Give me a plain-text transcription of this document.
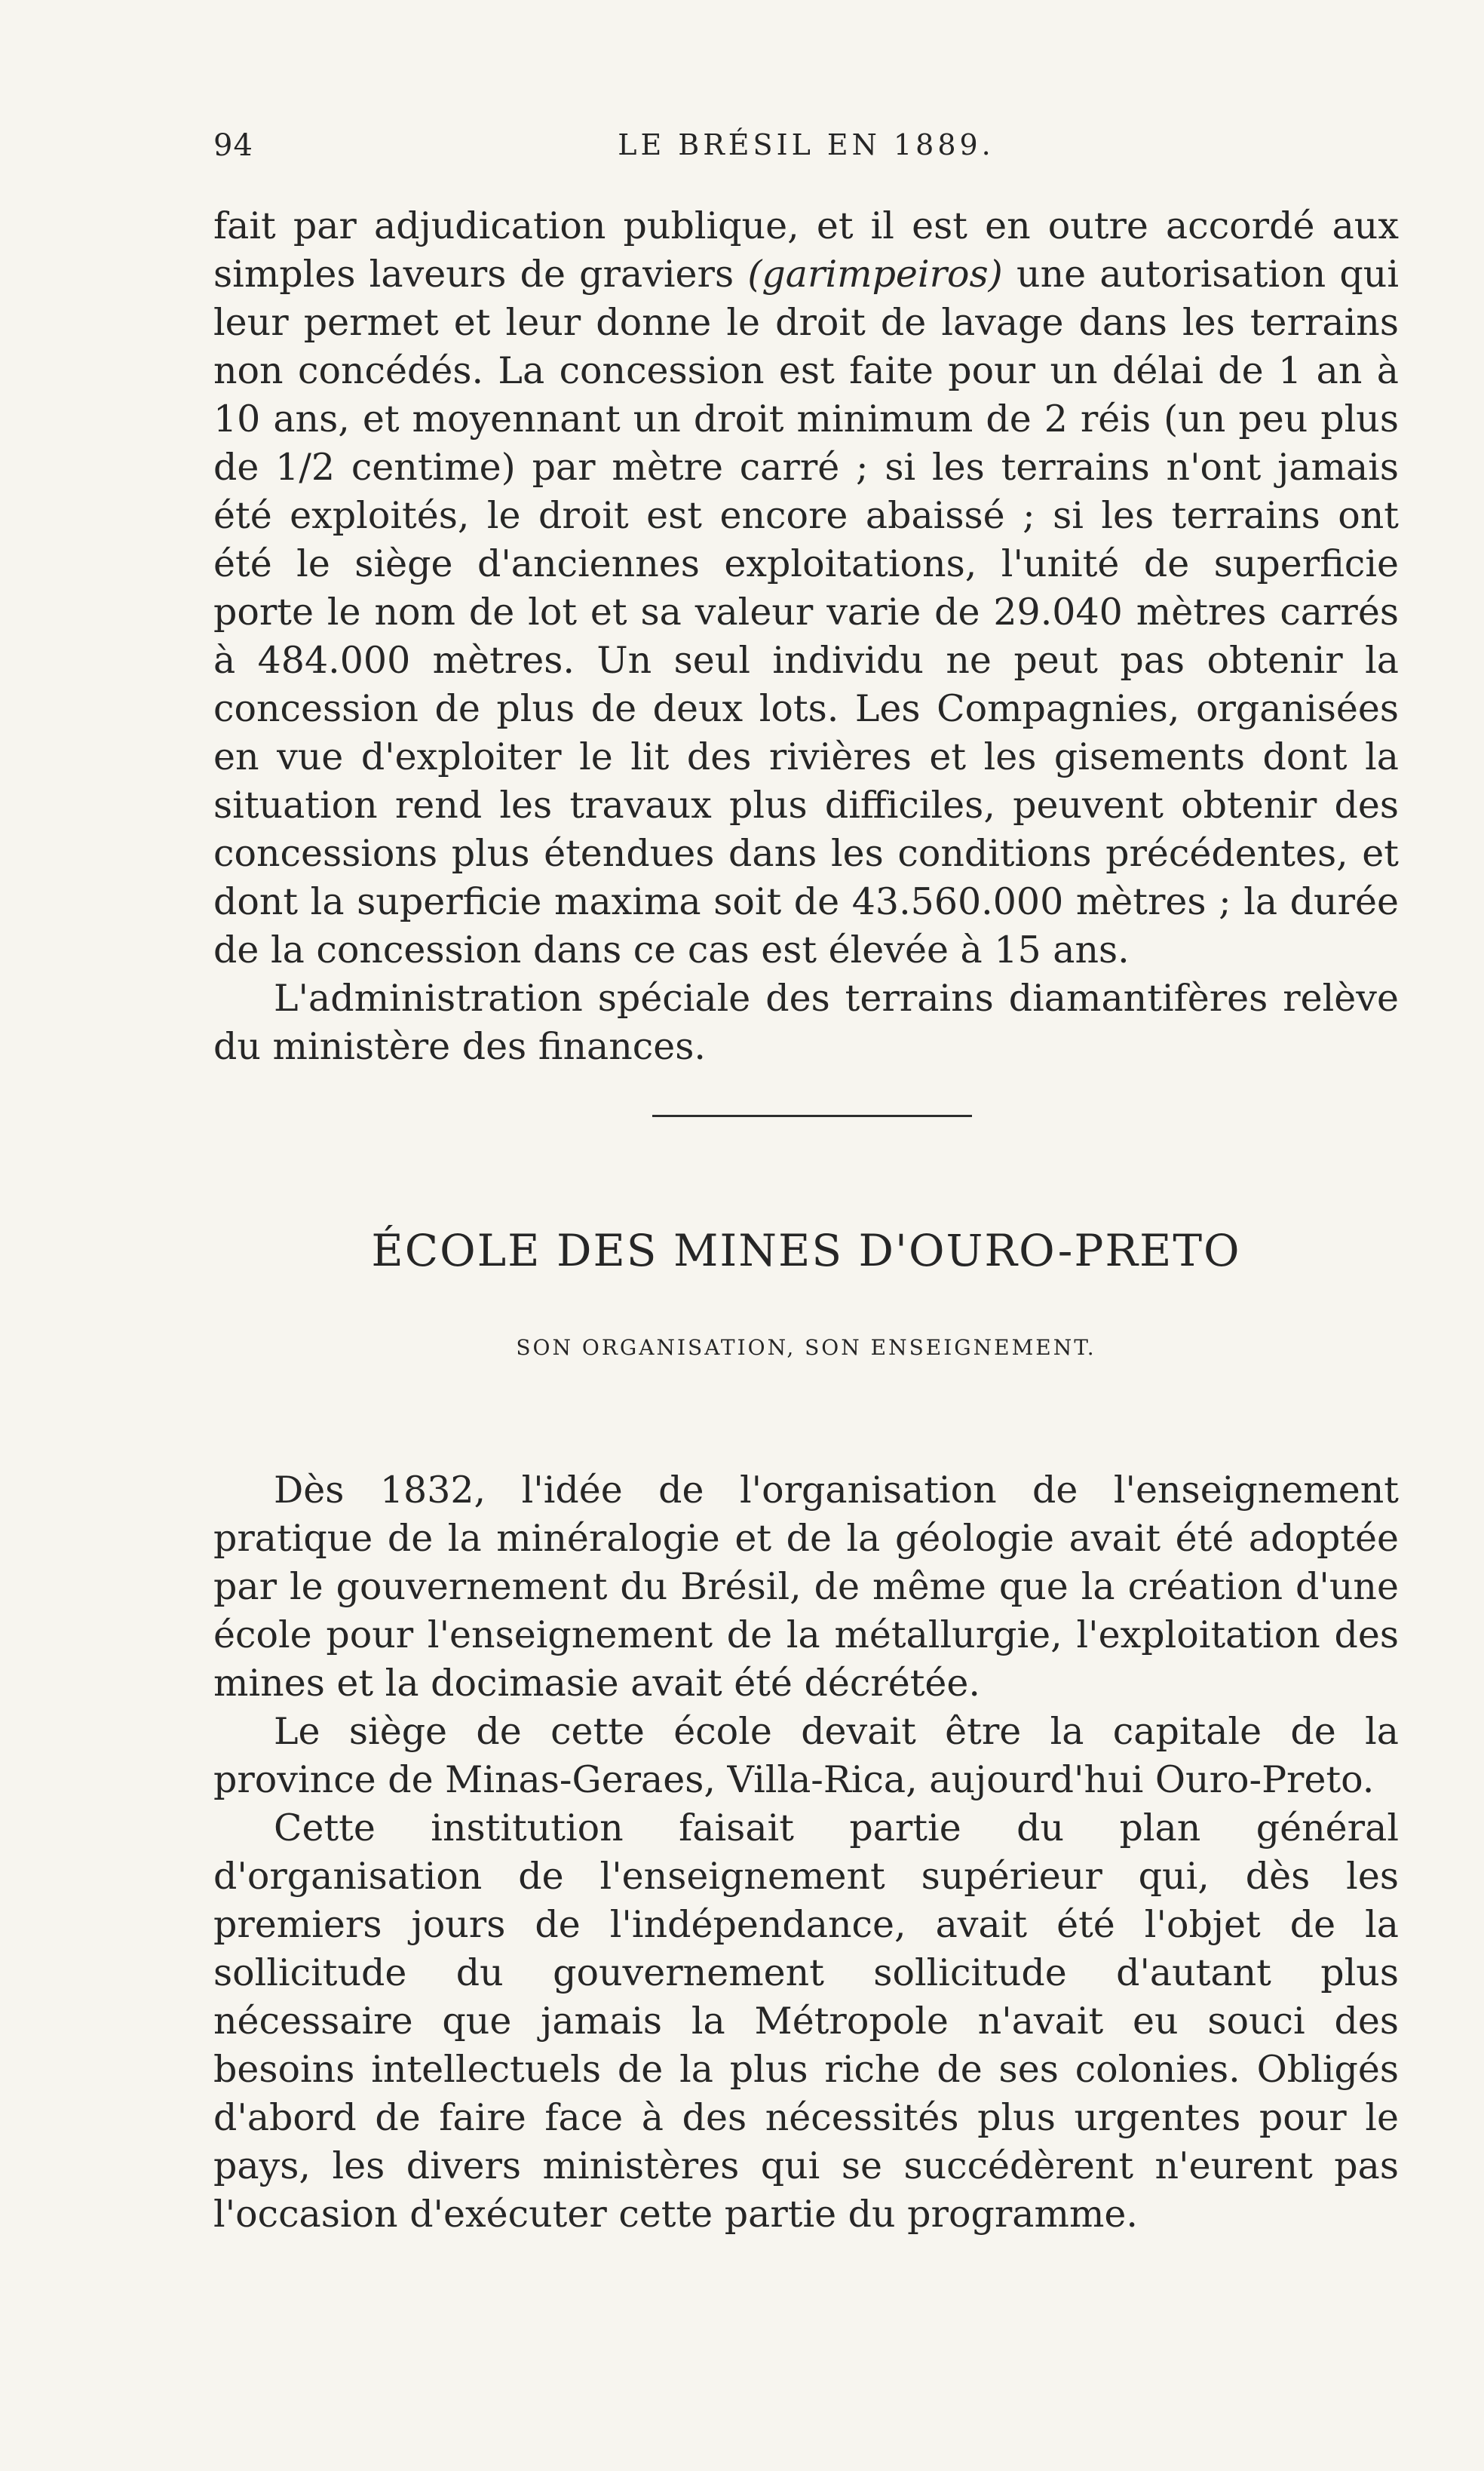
94	LE BRÉSIL EN 1889.

fait par adjudication publique, et il est en outre accordé aux simples laveurs de graviers (garimpeiros) une autorisation qui leur permet et leur donne le droit de lavage dans les terrains non concédés. La concession est faite pour un délai de 1 an à 10 ans, et moyennant un droit minimum de 2 réis (un peu plus de 1/2 centime) par mètre carré ; si les terrains n'ont jamais été exploités, le droit est encore abaissé ; si les terrains ont été le siège d'anciennes exploitations, l'unité de superficie porte le nom de lot et sa valeur varie de 29.040 mètres carrés à 484.000 mètres. Un seul individu ne peut pas obtenir la concession de plus de deux lots. Les Compagnies, organisées en vue d'exploiter le lit des rivières et les gisements dont la situation rend les travaux plus difficiles, peuvent obtenir des concessions plus étendues dans les conditions précédentes, et dont la superficie maxima soit de 43.560.000 mètres ; la durée de la concession dans ce cas est élevée à 15 ans.

L'administration spéciale des terrains diamantifères relève du ministère des finances.

ÉCOLE DES MINES D'OURO-PRETO
SON ORGANISATION, SON ENSEIGNEMENT.

Dès 1832, l'idée de l'organisation de l'enseignement pratique de la minéralogie et de la géologie avait été adoptée par le gouvernement du Brésil, de même que la création d'une école pour l'enseignement de la métallurgie, l'exploitation des mines et la docimasie avait été décrétée.

Le siège de cette école devait être la capitale de la province de Minas-Geraes, Villa-Rica, aujourd'hui Ouro-Preto.

Cette institution faisait partie du plan général d'organisation de l'enseignement supérieur qui, dès les premiers jours de l'indépendance, avait été l'objet de la sollicitude du gouvernement sollicitude d'autant plus nécessaire que jamais la Métropole n'avait eu souci des besoins intellectuels de la plus riche de ses colonies. Obligés d'abord de faire face à des nécessités plus urgentes pour le pays, les divers ministères qui se succédèrent n'eurent pas l'occasion d'exécuter cette partie du programme.
